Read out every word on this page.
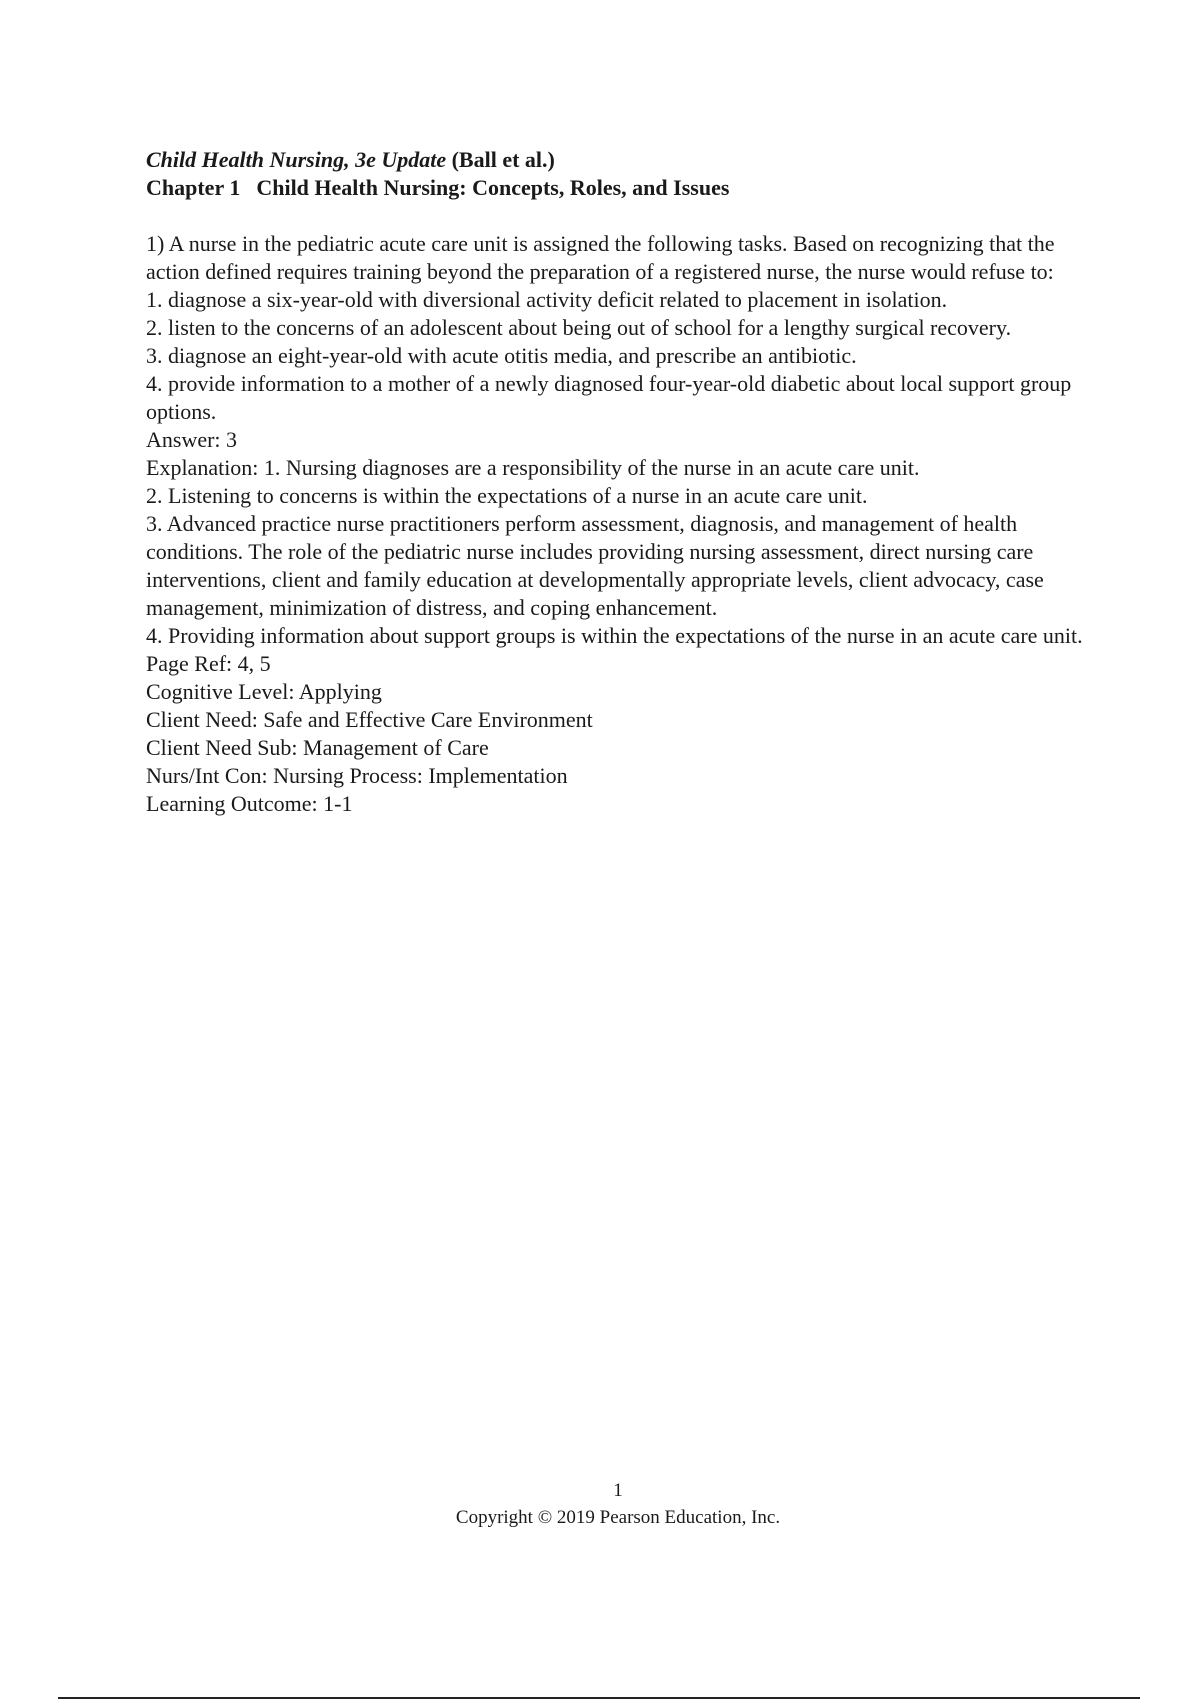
Child Health Nursing, 3e Update (Ball et al.)
Chapter 1 Child Health Nursing: Concepts, Roles, and Issues
1) A nurse in the pediatric acute care unit is assigned the following tasks. Based on recognizing that the action defined requires training beyond the preparation of a registered nurse, the nurse would refuse to:
1. diagnose a six-year-old with diversional activity deficit related to placement in isolation.
2. listen to the concerns of an adolescent about being out of school for a lengthy surgical recovery.
3. diagnose an eight-year-old with acute otitis media, and prescribe an antibiotic.
4. provide information to a mother of a newly diagnosed four-year-old diabetic about local support group options.
Answer: 3
Explanation: 1. Nursing diagnoses are a responsibility of the nurse in an acute care unit.
2. Listening to concerns is within the expectations of a nurse in an acute care unit.
3. Advanced practice nurse practitioners perform assessment, diagnosis, and management of health conditions. The role of the pediatric nurse includes providing nursing assessment, direct nursing care interventions, client and family education at developmentally appropriate levels, client advocacy, case management, minimization of distress, and coping enhancement.
4. Providing information about support groups is within the expectations of the nurse in an acute care unit.
Page Ref: 4, 5
Cognitive Level: Applying
Client Need: Safe and Effective Care Environment
Client Need Sub: Management of Care
Nurs/Int Con: Nursing Process: Implementation
Learning Outcome: 1-1
1
Copyright © 2019 Pearson Education, Inc.
